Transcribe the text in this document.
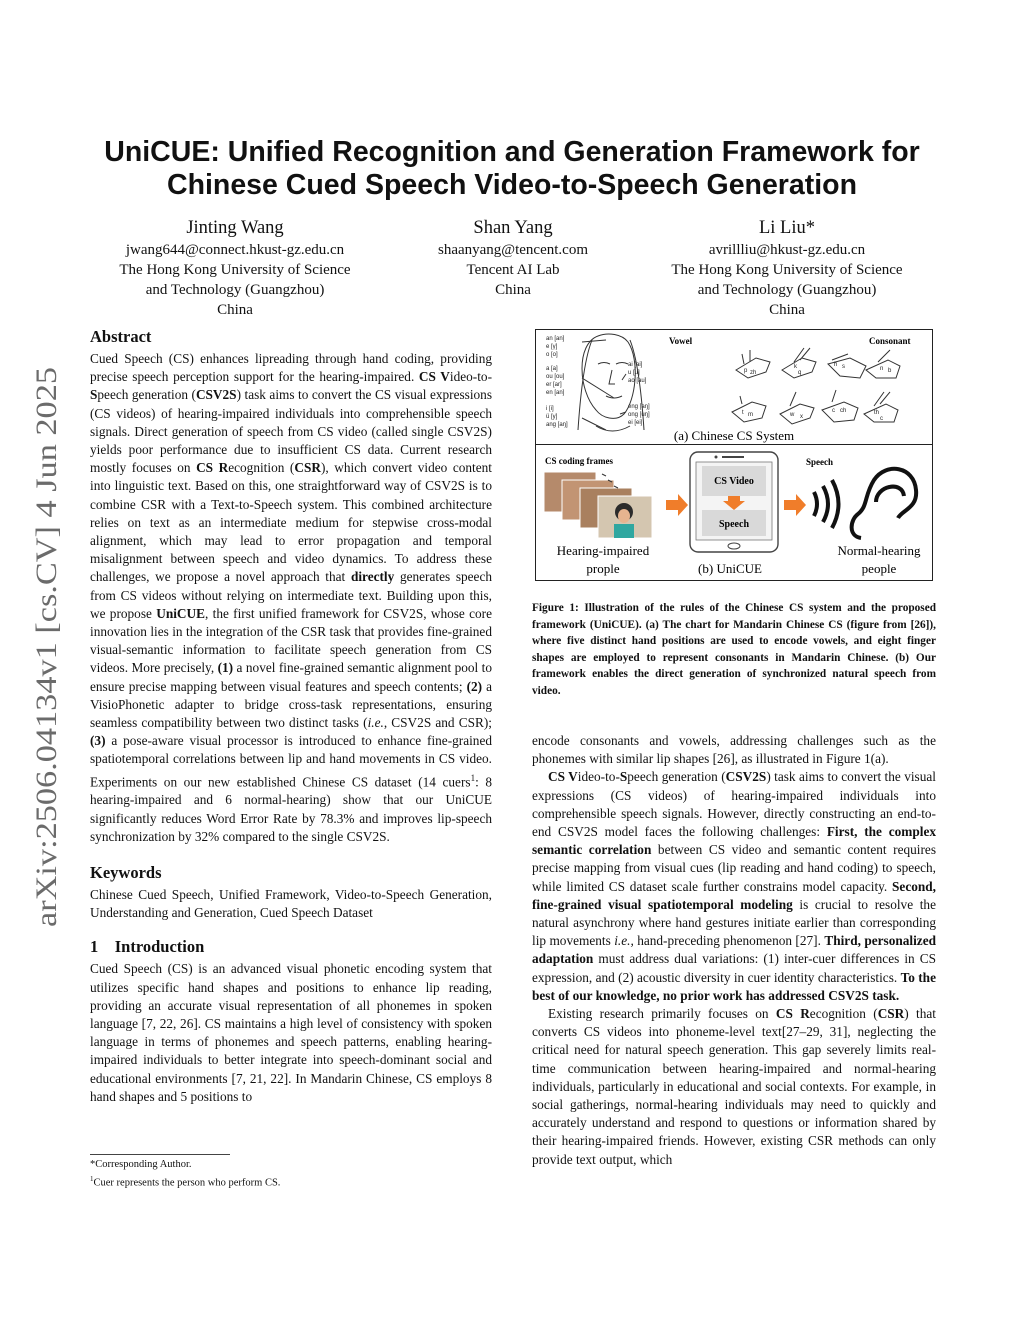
arXiv:2506.04134v1 [cs.CV] 4 Jun 2025
UniCUE: Unified Recognition and Generation Framework for
Chinese Cued Speech Video-to-Speech Generation
Jinting Wang
jwang644@connect.hkust-gz.edu.cn
The Hong Kong University of Science
and Technology (Guangzhou)
China
Shan Yang
shaanyang@tencent.com
Tencent AI Lab
China
Li Liu*
avrillliu@hkust-gz.edu.cn
The Hong Kong University of Science
and Technology (Guangzhou)
China
Abstract

Cued Speech (CS) enhances lipreading through hand coding, providing precise speech perception support for the hearing-impaired. CS Video-to-Speech generation (CSV2S) task aims to convert the CS visual expressions (CS videos) of hearing-impaired individuals into comprehensible speech signals. Direct generation of speech from CS video (called single CSV2S) yields poor performance due to insufficient CS data. Current research mostly focuses on CS Recognition (CSR), which convert video content into linguistic text. Based on this, one straightforward way of CSV2S is to combine CSR with a Text-to-Speech system. This combined architecture relies on text as an intermediate medium for stepwise cross-modal alignment, which may lead to error propagation and temporal misalignment between speech and video dynamics. To address these challenges, we propose a novel approach that directly generates speech from CS videos without relying on intermediate text. Building upon this, we propose UniCUE, the first unified framework for CSV2S, whose core innovation lies in the integration of the CSR task that provides fine-grained visual-semantic information to facilitate speech generation from CS videos. More precisely, (1) a novel fine-grained semantic alignment pool to ensure precise mapping between visual features and speech contents; (2) a VisioPhonetic adapter to bridge cross-task representations, ensuring seamless compatibility between two distinct tasks (i.e., CSV2S and CSR); (3) a pose-aware visual processor is introduced to enhance fine-grained spatiotemporal correlations between lip and hand movements in CS video. Experiments on our new established Chinese CS dataset (14 cuers$^1$: 8 hearing-impaired and 6 normal-hearing) show that our UniCUE significantly reduces Word Error Rate by 78.3% and improves lip-speech synchronization by 32% compared to the single CSV2S.

Keywords

Chinese Cued Speech, Unified Framework, Video-to-Speech Generation, Understanding and Generation, Cued Speech Dataset

1    Introduction

Cued Speech (CS) is an advanced visual phonetic encoding system that utilizes specific hand shapes and positions to enhance lip reading, providing an accurate visual representation of all phonemes in spoken language [7, 22, 26]. CS maintains a high level of consistency with spoken language in terms of phonemes and speech patterns, enabling hearing-impaired individuals to better integrate into speech-dominant social and educational environments [7, 21, 22]. In Mandarin Chinese, CS employs 8 hand shapes and 5 positions to

*Corresponding Author.
$^1$Cuer represents the person who perform CS.
an [an]
e [γ]
o [o]
a [a]
ou [ou]
er [ar]
en [an]
i [i]
ü [y]
ang [aŋ]
ai [ai]
u [u]
ao [au]
eng [aŋ]
ong [uŋ]
ei [ei]
Vowel	Consonant
p zh
k
q
h s	n b
t m	w x
c ch	th
c
(a) Chinese CS System
CS coding frames
Hearing-impaired
prople
CS Video
Speech
(b) UniCUE
Speech
Normal-hearing
people
Figure 1: Illustration of the rules of the Chinese CS system and the proposed framework (UniCUE). (a) The chart for Mandarin Chinese CS (figure from [26]), where five distinct hand positions are used to encode vowels, and eight finger shapes are employed to represent consonants in Mandarin Chinese. (b) Our framework enables the direct generation of synchronized natural speech from video.

encode consonants and vowels, addressing challenges such as the phonemes with similar lip shapes [26], as illustrated in Figure 1(a).

CS Video-to-Speech generation (CSV2S) task aims to convert the visual expressions (CS videos) of hearing-impaired individuals into comprehensible speech signals. However, directly constructing an end-to-end CSV2S model faces the following challenges: First, the complex semantic correlation between CS video and semantic content requires precise mapping from visual cues (lip reading and hand coding) to speech, while limited CS dataset scale further constrains model capacity. Second, fine-grained visual spatiotemporal modeling is crucial to resolve the natural asynchrony where hand gestures initiate earlier than corresponding lip movements i.e., hand-preceding phenomenon [27]. Third, personalized adaptation must address dual variations: (1) inter-cuer differences in CS expression, and (2) acoustic diversity in cuer identity characteristics. To the best of our knowledge, no prior work has addressed CSV2S task.

Existing research primarily focuses on CS Recognition (CSR) that converts CS videos into phoneme-level text[27–29, 31], neglecting the critical need for natural speech generation. This gap severely limits real-time communication between hearing-impaired and normal-hearing individuals, particularly in educational and social contexts. For example, in social gatherings, normal-hearing individuals may need to quickly and accurately understand and respond to questions or information shared by their hearing-impaired friends. However, existing CSR methods can only provide text output, which
